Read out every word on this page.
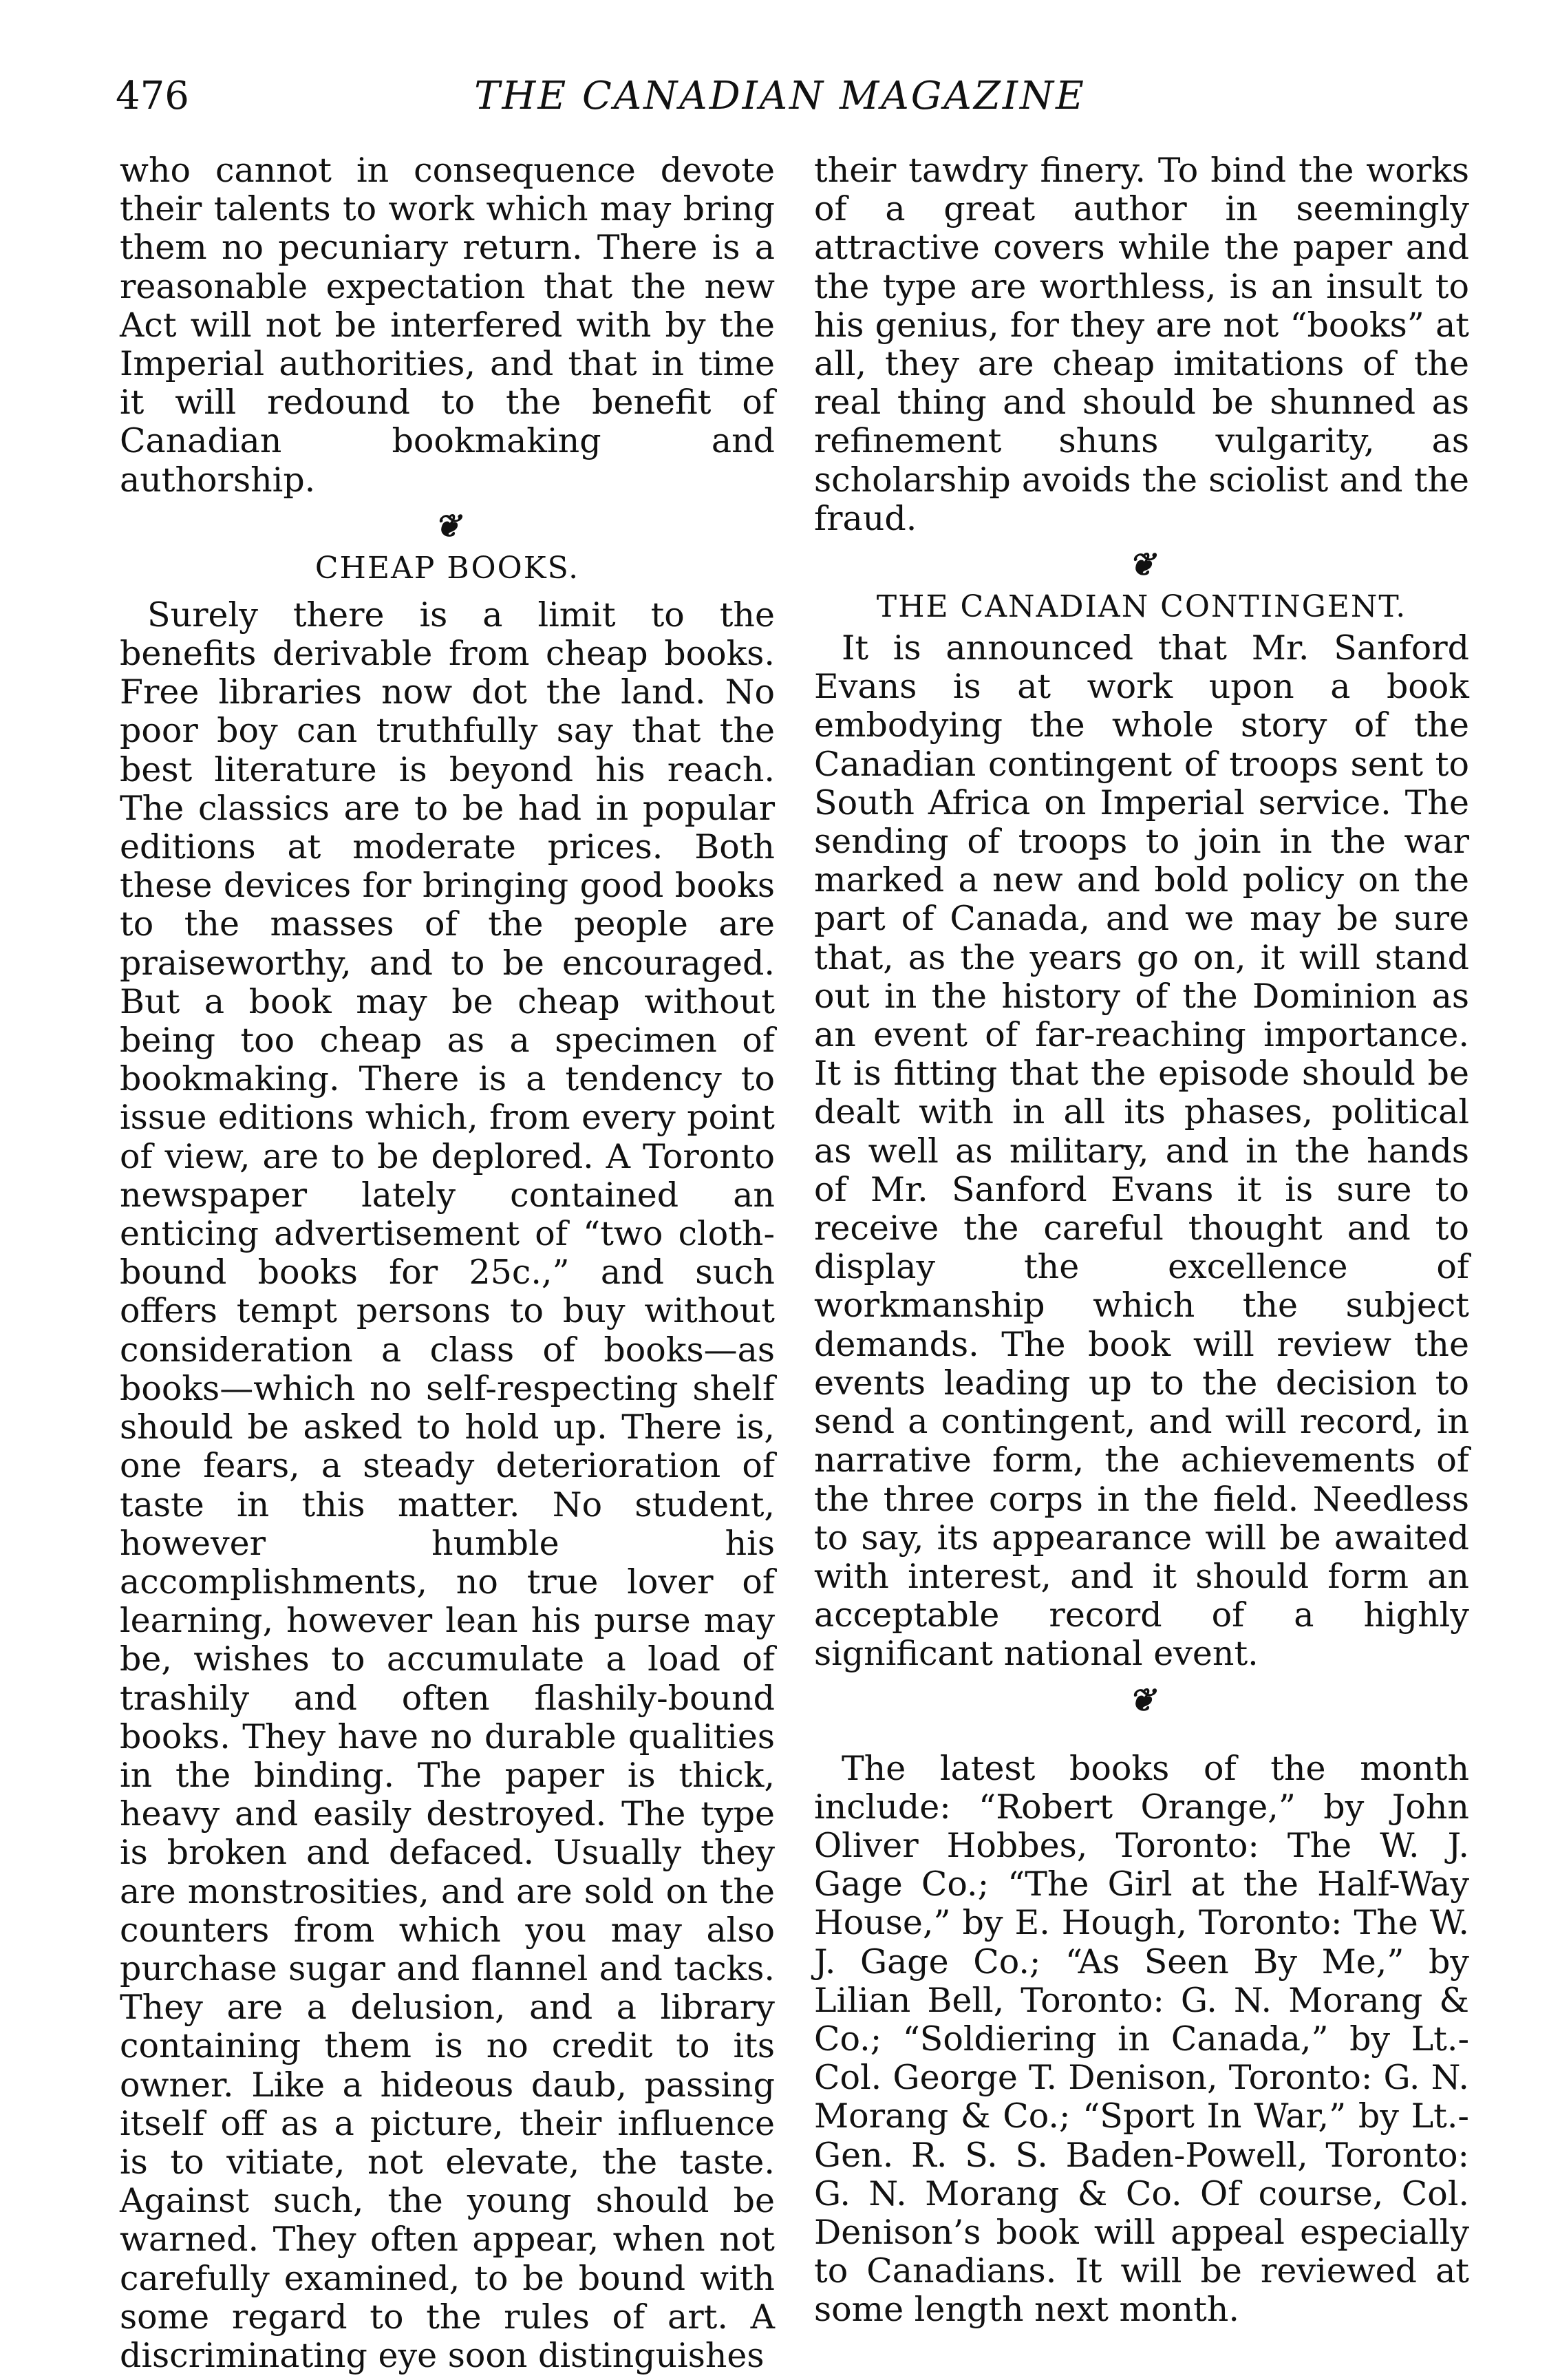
476	THE CANADIAN MAGAZINE

who cannot in consequence devote their talents to work which may bring them no pecuniary return. There is a reasonable expectation that the new Act will not be interfered with by the Imperial authorities, and that in time it will redound to the benefit of Canadian bookmaking and authorship.

❦
CHEAP BOOKS.

Surely there is a limit to the benefits derivable from cheap books. Free libraries now dot the land. No poor boy can truthfully say that the best literature is beyond his reach. The classics are to be had in popular editions at moderate prices. Both these devices for bringing good books to the masses of the people are praiseworthy, and to be encouraged. But a book may be cheap without being too cheap as a specimen of bookmaking. There is a tendency to issue editions which, from every point of view, are to be deplored. A Toronto newspaper lately contained an enticing advertisement of “two cloth-bound books for 25c.,” and such offers tempt persons to buy without consideration a class of books—as books—which no self-respecting shelf should be asked to hold up. There is, one fears, a steady deterioration of taste in this matter. No student, however humble his accomplishments, no true lover of learning, however lean his purse may be, wishes to accumulate a load of trashily and often flashily-bound books. They have no durable qualities in the binding. The paper is thick, heavy and easily destroyed. The type is broken and defaced. Usually they are monstrosities, and are sold on the counters from which you may also purchase sugar and flannel and tacks. They are a delusion, and a library containing them is no credit to its owner. Like a hideous daub, passing itself off as a picture, their influence is to vitiate, not elevate, the taste. Against such, the young should be warned. They often appear, when not carefully examined, to be bound with some regard to the rules of art. A discriminating eye soon distinguishes

their tawdry finery. To bind the works of a great author in seemingly attractive covers while the paper and the type are worthless, is an insult to his genius, for they are not “books” at all, they are cheap imitations of the real thing and should be shunned as refinement shuns vulgarity, as scholarship avoids the sciolist and the fraud.

❦
THE CANADIAN CONTINGENT.

It is announced that Mr. Sanford Evans is at work upon a book embodying the whole story of the Canadian contingent of troops sent to South Africa on Imperial service. The sending of troops to join in the war marked a new and bold policy on the part of Canada, and we may be sure that, as the years go on, it will stand out in the history of the Dominion as an event of far-reaching importance. It is fitting that the episode should be dealt with in all its phases, political as well as military, and in the hands of Mr. Sanford Evans it is sure to receive the careful thought and to display the excellence of workmanship which the subject demands. The book will review the events leading up to the decision to send a contingent, and will record, in narrative form, the achievements of the three corps in the field. Needless to say, its appearance will be awaited with interest, and it should form an acceptable record of a highly significant national event.

❦

The latest books of the month include: “Robert Orange,” by John Oliver Hobbes, Toronto: The W. J. Gage Co.; “The Girl at the Half-Way House,” by E. Hough, Toronto: The W. J. Gage Co.; “As Seen By Me,” by Lilian Bell, Toronto: G. N. Morang & Co.; “Soldiering in Canada,” by Lt.-Col. George T. Denison, Toronto: G. N. Morang & Co.; “Sport In War,” by Lt.-Gen. R. S. S. Baden-Powell, Toronto: G. N. Morang & Co. Of course, Col. Denison’s book will appeal especially to Canadians. It will be reviewed at some length next month.
